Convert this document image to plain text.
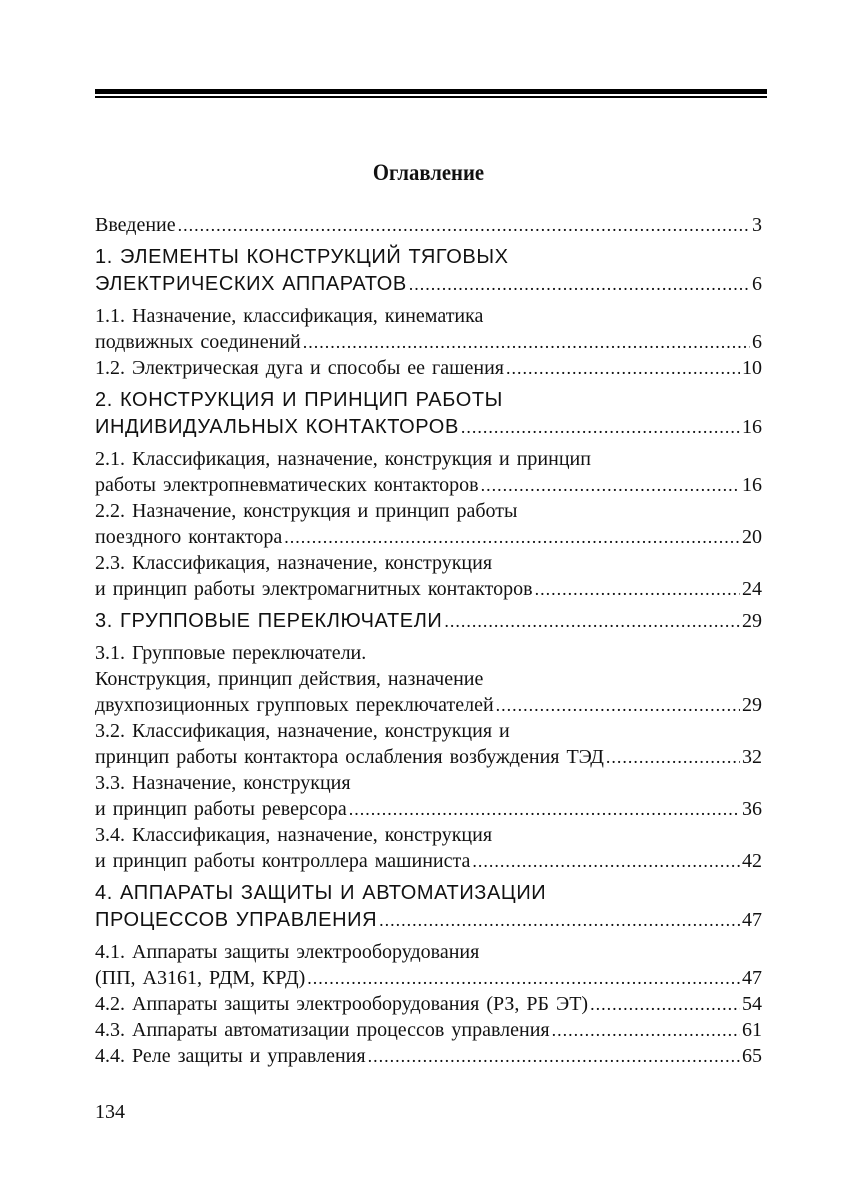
Оглавление
Введение .....	3
1. ЭЛЕМЕНТЫ КОНСТРУКЦИЙ ТЯГОВЫХ
ЭЛЕКТРИЧЕСКИХ АППАРАТОВ .....	6
1.1. Назначение, классификация, кинематика
подвижных соединений .....	6
1.2. Электрическая дуга и способы ее гашения .....	10
2. КОНСТРУКЦИЯ И ПРИНЦИП РАБОТЫ
ИНДИВИДУАЛЬНЫХ КОНТАКТОРОВ .....	16
2.1. Классификация, назначение, конструкция и принцип
работы электропневматических контакторов .....	16
2.2. Назначение, конструкция и принцип работы
поездного контактора .....	20
2.3. Классификация, назначение, конструкция
и принцип работы электромагнитных контакторов .....	24
3. ГРУППОВЫЕ ПЕРЕКЛЮЧАТЕЛИ .....	29
3.1. Групповые переключатели.
Конструкция, принцип действия, назначение
двухпозиционных групповых переключателей .....	29
3.2. Классификация, назначение, конструкция и
принцип работы контактора ослабления возбуждения ТЭД .....	32
3.3. Назначение, конструкция
и принцип работы реверсора .....	36
3.4. Классификация, назначение, конструкция
и принцип работы контроллера машиниста .....	42
4. АППАРАТЫ ЗАЩИТЫ И АВТОМАТИЗАЦИИ
ПРОЦЕССОВ УПРАВЛЕНИЯ .....	47
4.1. Аппараты защиты электрооборудования
(ПП, А3161, РДМ, КРД) .....	47
4.2. Аппараты защиты электрооборудования (РЗ, РБ ЭТ) .....	54
4.3. Аппараты автоматизации процессов управления .....	61
4.4. Реле защиты и управления .....	65
134
